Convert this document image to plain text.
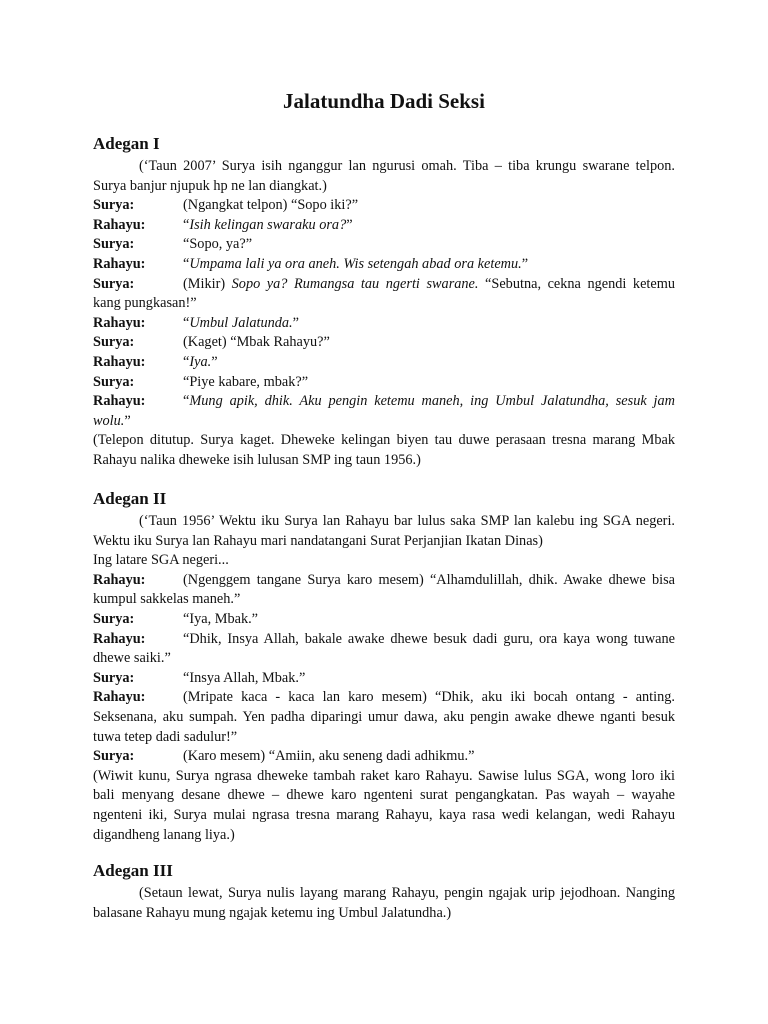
Jalatundha Dadi Seksi
Adegan I

(‘Taun 2007’ Surya isih nganggur lan ngurusi omah. Tiba – tiba krungu swarane telpon. Surya banjur njupuk hp ne lan diangkat.)

Surya:	(Ngangkat telpon) “Sopo iki?”

Rahayu:	“Isih kelingan swaraku ora?”

Surya:	“Sopo, ya?”

Rahayu:	“Umpama lali ya ora aneh. Wis setengah abad ora ketemu.”

Surya:	(Mikir) Sopo ya? Rumangsa tau ngerti swarane. “Sebutna, cekna ngendi ketemu kang pungkasan!”

Rahayu:	“Umbul Jalatunda.”

Surya:	(Kaget) “Mbak Rahayu?”

Rahayu:	“Iya.”

Surya:	“Piye kabare, mbak?”

Rahayu:	“Mung apik, dhik. Aku pengin ketemu maneh, ing Umbul Jalatundha, sesuk jam wolu.”

(Telepon ditutup. Surya kaget. Dheweke kelingan biyen tau duwe perasaan tresna marang Mbak Rahayu nalika dheweke isih lulusan SMP ing taun 1956.)

Adegan II

(‘Taun 1956’ Wektu iku Surya lan Rahayu bar lulus saka SMP lan kalebu ing SGA negeri. Wektu iku Surya lan Rahayu mari nandatangani Surat Perjanjian Ikatan Dinas)

Ing latare SGA negeri...

Rahayu:	(Ngenggem tangane Surya karo mesem) “Alhamdulillah, dhik. Awake dhewe bisa kumpul sakkelas maneh.”

Surya:	“Iya, Mbak.”

Rahayu:	“Dhik, Insya Allah, bakale awake dhewe besuk dadi guru, ora kaya wong tuwane dhewe saiki.”

Surya:	“Insya Allah, Mbak.”

Rahayu:	(Mripate kaca - kaca lan karo mesem) “Dhik, aku iki bocah ontang - anting. Seksenana, aku sumpah. Yen padha diparingi umur dawa, aku pengin awake dhewe nganti besuk tuwa tetep dadi sadulur!”

Surya:	(Karo mesem) “Amiin, aku seneng dadi adhikmu.”

(Wiwit kunu, Surya ngrasa dheweke tambah raket karo Rahayu. Sawise lulus SGA, wong loro iki bali menyang desane dhewe – dhewe karo ngenteni surat pengangkatan. Pas wayah – wayahe ngenteni iki, Surya mulai ngrasa tresna marang Rahayu, kaya rasa wedi kelangan, wedi Rahayu digandheng lanang liya.)

Adegan III

(Setaun lewat, Surya nulis layang marang Rahayu, pengin ngajak urip jejodhoan. Nanging balasane Rahayu mung ngajak ketemu ing Umbul Jalatundha.)
